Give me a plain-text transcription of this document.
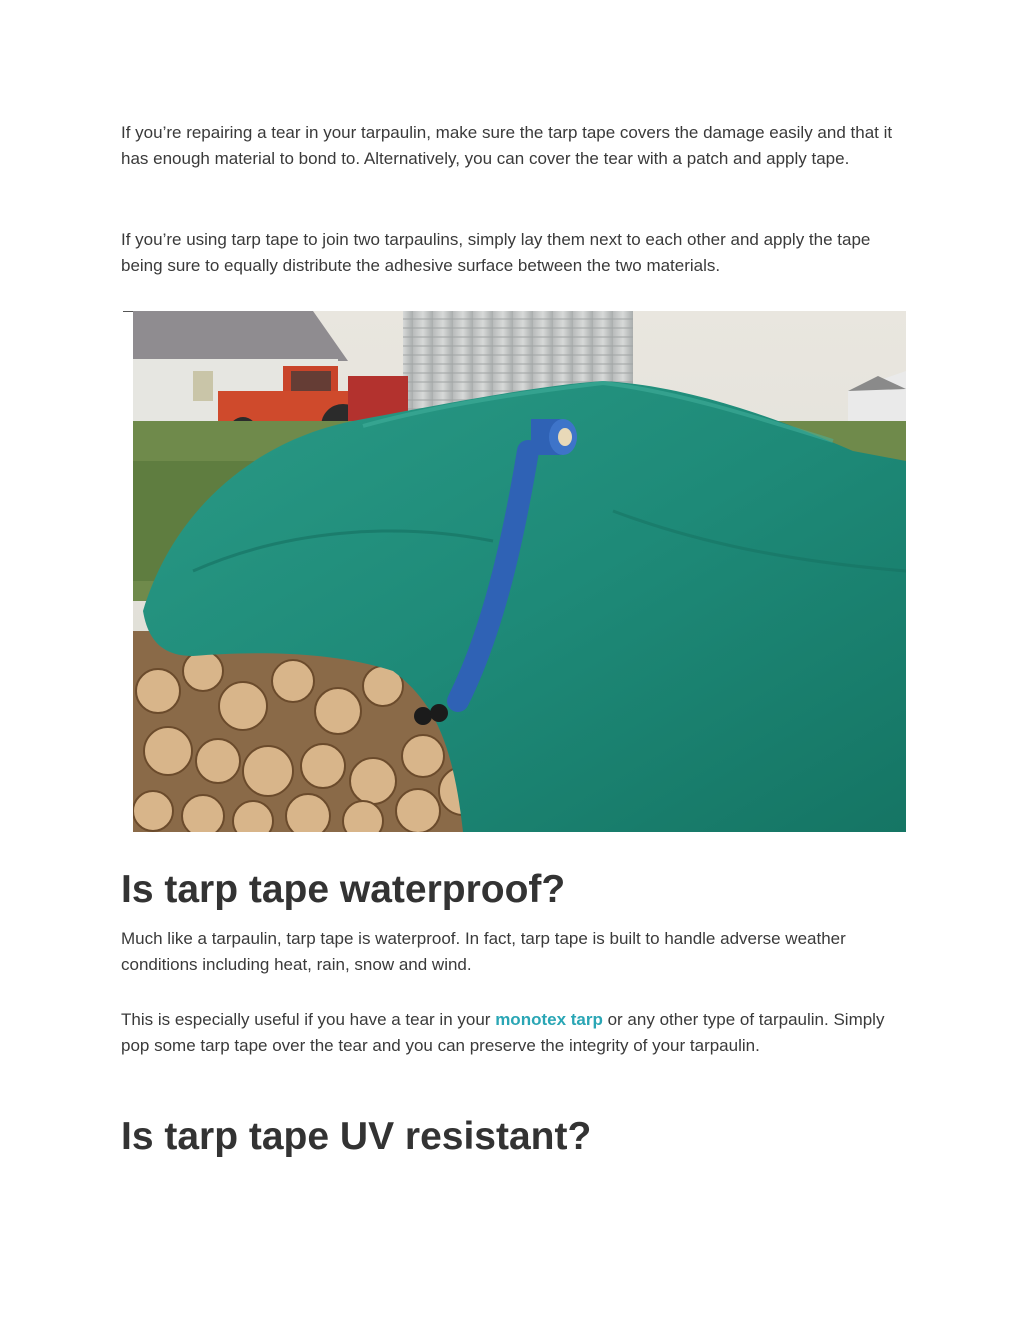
If you’re repairing a tear in your tarpaulin, make sure the tarp tape covers the damage easily and that it has enough material to bond to. Alternatively, you can cover the tear with a patch and apply tape.

If you’re using tarp tape to join two tarpaulins, simply lay them next to each other and apply the tape being sure to equally distribute the adhesive surface between the two materials.

Is tarp tape waterproof?

Much like a tarpaulin, tarp tape is waterproof. In fact, tarp tape is built to handle adverse weather conditions including heat, rain, snow and wind.

This is especially useful if you have a tear in your monotex tarp or any other type of tarpaulin. Simply pop some tarp tape over the tear and you can preserve the integrity of your tarpaulin.

Is tarp tape UV resistant?
